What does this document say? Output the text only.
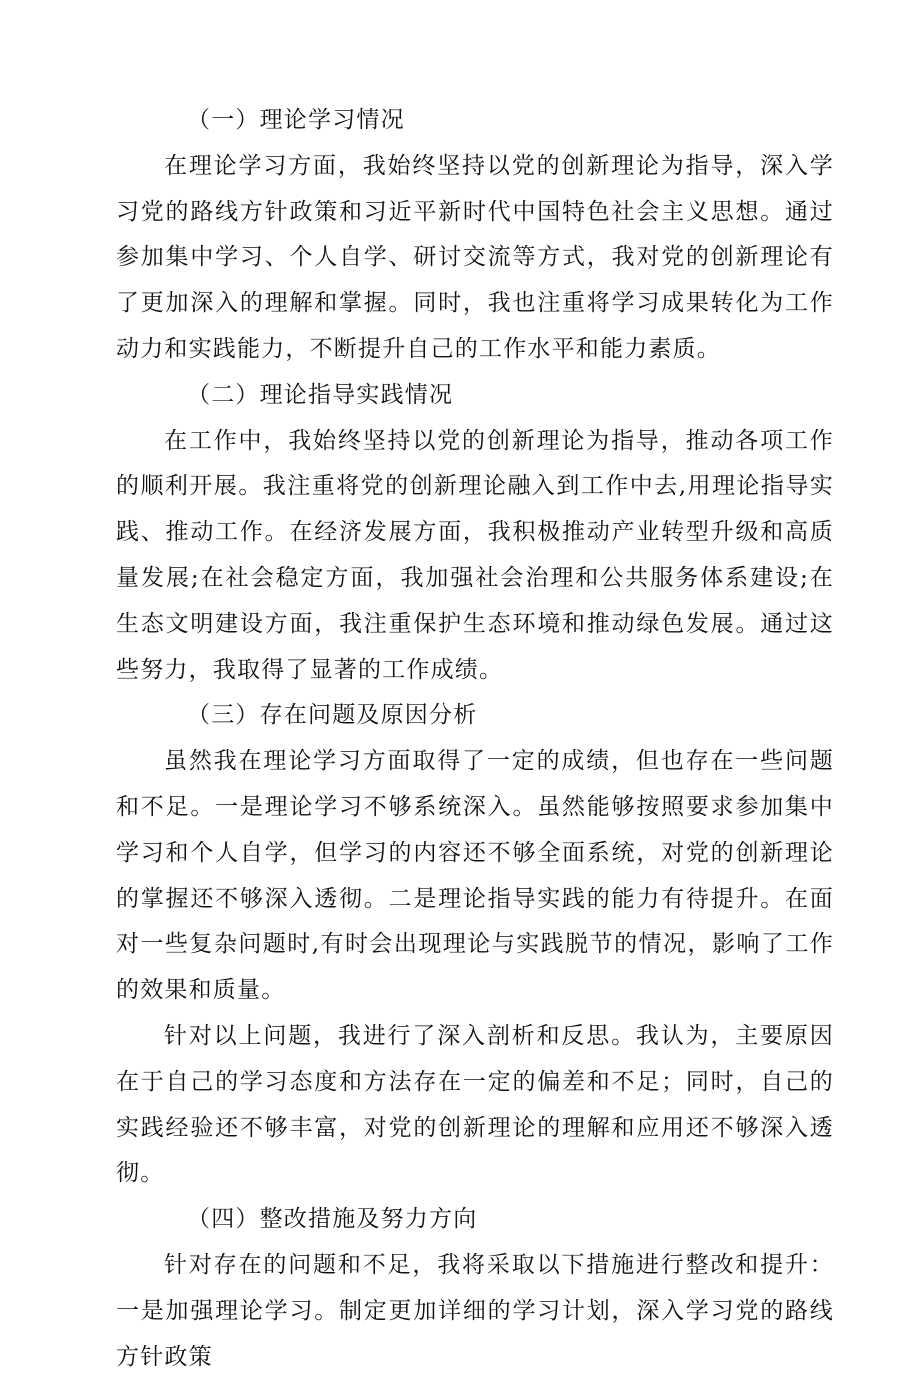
（一）理论学习情况

在理论学习方面，我始终坚持以党的创新理论为指导，深入学习党的路线方针政策和习近平新时代中国特色社会主义思想。通过参加集中学习、个人自学、研讨交流等方式，我对党的创新理论有了更加深入的理解和掌握。同时，我也注重将学习成果转化为工作动力和实践能力，不断提升自己的工作水平和能力素质。

（二）理论指导实践情况

在工作中，我始终坚持以党的创新理论为指导，推动各项工作的顺利开展。我注重将党的创新理论融入到工作中去,用理论指导实践、推动工作。在经济发展方面，我积极推动产业转型升级和高质量发展;在社会稳定方面，我加强社会治理和公共服务体系建设;在生态文明建设方面，我注重保护生态环境和推动绿色发展。通过这些努力，我取得了显著的工作成绩。

（三）存在问题及原因分析

虽然我在理论学习方面取得了一定的成绩，但也存在一些问题和不足。一是理论学习不够系统深入。虽然能够按照要求参加集中学习和个人自学，但学习的内容还不够全面系统，对党的创新理论的掌握还不够深入透彻。二是理论指导实践的能力有待提升。在面对一些复杂问题时,有时会出现理论与实践脱节的情况，影响了工作的效果和质量。

针对以上问题，我进行了深入剖析和反思。我认为，主要原因在于自己的学习态度和方法存在一定的偏差和不足；同时，自己的实践经验还不够丰富，对党的创新理论的理解和应用还不够深入透彻。

（四）整改措施及努力方向

针对存在的问题和不足，我将采取以下措施进行整改和提升：一是加强理论学习。制定更加详细的学习计划，深入学习党的路线方针政策
